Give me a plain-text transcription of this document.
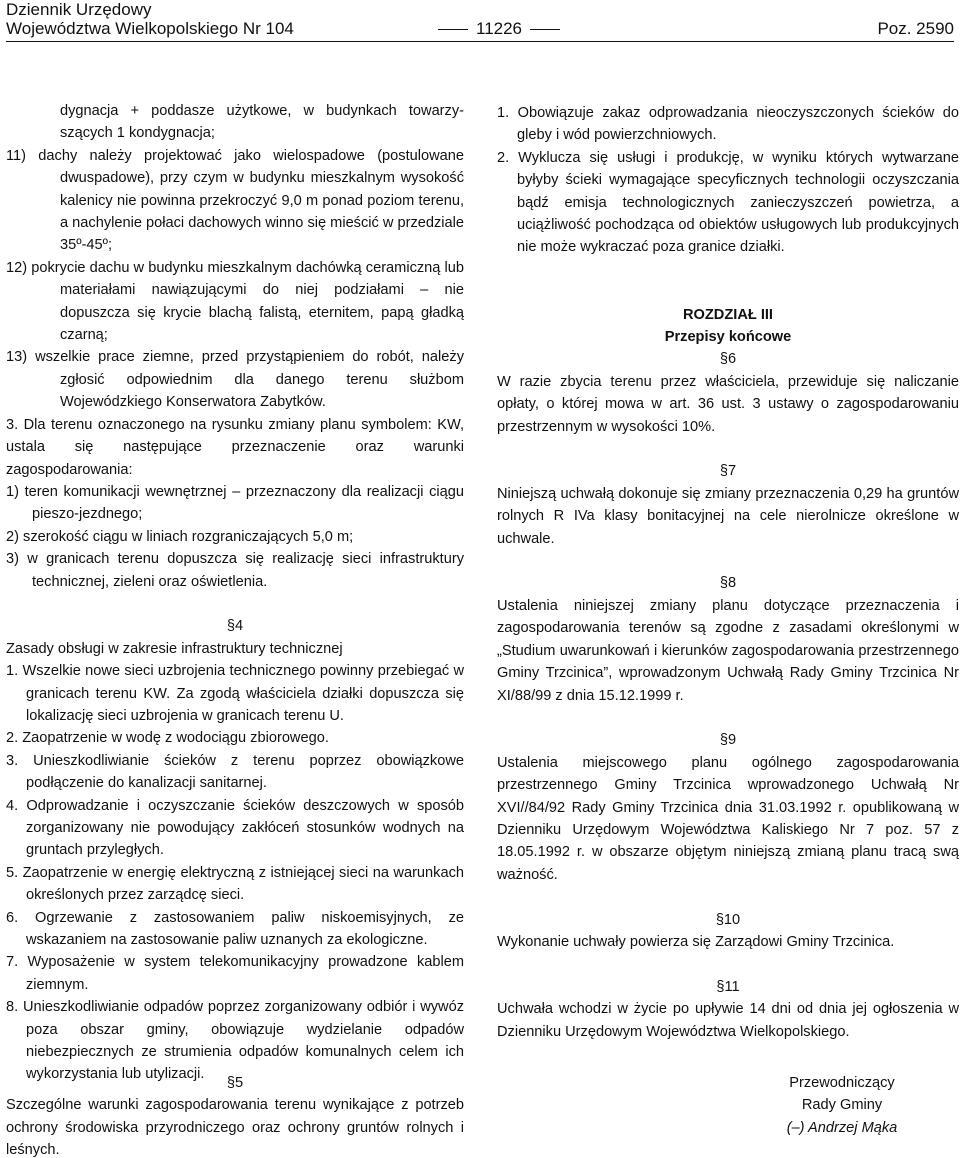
Dziennik Urzędowy
Województwa Wielkopolskiego Nr 104	11226	Poz. 2590

dygnacja + poddasze użytkowe, w budynkach towarzy-szących 1 kondygnacja;

11) dachy należy projektować jako wielospadowe (postulowane dwuspadowe), przy czym w budynku mieszkalnym wysokość kalenicy nie powinna przekroczyć 9,0 m ponad poziom terenu, a nachylenie połaci dachowych winno się mieścić w przedziale 35º-45º;

12) pokrycie dachu w budynku mieszkalnym dachówką ceramiczną lub materiałami nawiązującymi do niej podziałami – nie dopuszcza się krycie blachą falistą, eternitem, papą gładką czarną;

13) wszelkie prace ziemne, przed przystąpieniem do robót, należy zgłosić odpowiednim dla danego terenu służbom Wojewódzkiego Konserwatora Zabytków.

3. Dla terenu oznaczonego na rysunku zmiany planu symbolem: KW, ustala się następujące przeznaczenie oraz warunki zagospodarowania:

1) teren komunikacji wewnętrznej – przeznaczony dla realizacji ciągu pieszo-jezdnego;

2) szerokość ciągu w liniach rozgraniczających 5,0 m;

3) w granicach terenu dopuszcza się realizację sieci infrastruktury technicznej, zieleni oraz oświetlenia.

§4

Zasady obsługi w zakresie infrastruktury technicznej

1. Wszelkie nowe sieci uzbrojenia technicznego powinny przebiegać w granicach terenu KW. Za zgodą właściciela działki dopuszcza się lokalizację sieci uzbrojenia w granicach terenu U.

2. Zaopatrzenie w wodę z wodociągu zbiorowego.

3. Unieszkodliwianie ścieków z terenu poprzez obowiązkowe podłączenie do kanalizacji sanitarnej.

4. Odprowadzanie i oczyszczanie ścieków deszczowych w sposób zorganizowany nie powodujący zakłóceń stosunków wodnych na gruntach przyległych.

5. Zaopatrzenie w energię elektryczną z istniejącej sieci na warunkach określonych przez zarządcę sieci.

6. Ogrzewanie z zastosowaniem paliw niskoemisyjnych, ze wskazaniem na zastosowanie paliw uznanych za ekologiczne.

7. Wyposażenie w system telekomunikacyjny prowadzone kablem ziemnym.

8. Unieszkodliwianie odpadów poprzez zorganizowany odbiór i wywóz poza obszar gminy, obowiązuje wydzielanie odpadów niebezpiecznych ze strumienia odpadów komunalnych celem ich wykorzystania lub utylizacji.

§5

Szczególne warunki zagospodarowania terenu wynikające z potrzeb ochrony środowiska przyrodniczego oraz ochrony gruntów rolnych i leśnych.

1. Obowiązuje zakaz odprowadzania nieoczyszczonych ścieków do gleby i wód powierzchniowych.

2. Wyklucza się usługi i produkcję, w wyniku których wytwarzane byłyby ścieki wymagające specyficznych technologii oczyszczania bądź emisja technologicznych zanieczyszczeń powietrza, a uciążliwość pochodząca od obiektów usługowych lub produkcyjnych nie może wykraczać poza granice działki.

ROZDZIAŁ III

Przepisy końcowe

§6

W razie zbycia terenu przez właściciela, przewiduje się naliczanie opłaty, o której mowa w art. 36 ust. 3 ustawy o zagospodarowaniu przestrzennym w wysokości 10%.

§7

Niniejszą uchwałą dokonuje się zmiany przeznaczenia 0,29 ha gruntów rolnych R IVa klasy bonitacyjnej na cele nierolnicze określone w uchwale.

§8

Ustalenia niniejszej zmiany planu dotyczące przeznaczenia i zagospodarowania terenów są zgodne z zasadami określonymi w „Studium uwarunkowań i kierunków zagospodarowania przestrzennego Gminy Trzcinica”, wprowadzonym Uchwałą Rady Gminy Trzcinica Nr XI/88/99 z dnia 15.12.1999 r.

§9

Ustalenia miejscowego planu ogólnego zagospodarowania przestrzennego Gminy Trzcinica wprowadzonego Uchwałą Nr XVI//84/92 Rady Gminy Trzcinica dnia 31.03.1992 r. opublikowaną w Dzienniku Urzędowym Województwa Kaliskiego Nr 7 poz. 57 z 18.05.1992 r. w obszarze objętym niniejszą zmianą planu tracą swą ważność.

§10

Wykonanie uchwały powierza się Zarządowi Gminy Trzcinica.

§11

Uchwała wchodzi w życie po upływie 14 dni od dnia jej ogłoszenia w Dzienniku Urzędowym Województwa Wielkopolskiego.

Przewodniczący
Rady Gminy
(–) Andrzej Mąka
